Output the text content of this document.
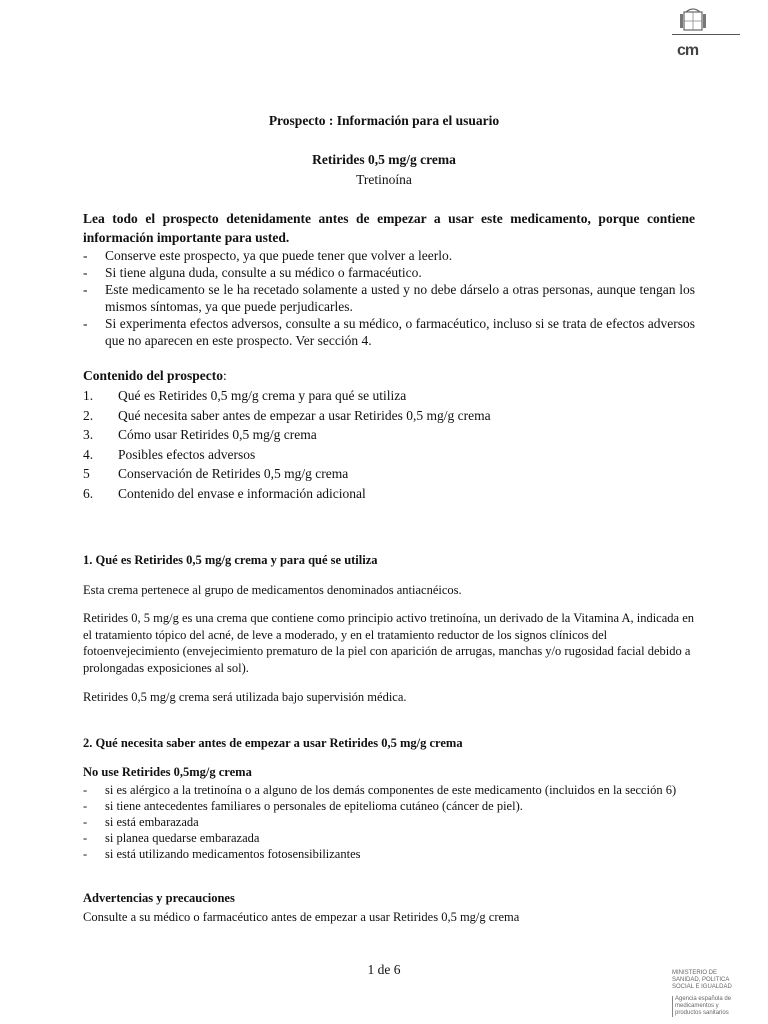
cm
Prospecto : Información para el usuario
Retirides 0,5 mg/g crema
Tretinoína
Lea todo el prospecto detenidamente antes de empezar a usar este medicamento, porque contiene información importante para usted.
- Conserve este prospecto, ya que puede tener que volver a leerlo.
- Si tiene alguna duda, consulte a su médico o farmacéutico.
- Este medicamento se le ha recetado solamente a usted y no debe dárselo a otras personas, aunque tengan los mismos síntomas, ya que puede perjudicarles.
- Si experimenta efectos adversos, consulte a su médico, o farmacéutico, incluso si se trata de efectos adversos que no aparecen en este prospecto. Ver sección 4.
Contenido del prospecto:
1. Qué es Retirides 0,5 mg/g crema y para qué se utiliza
2. Qué necesita saber antes de empezar a usar Retirides 0,5 mg/g crema
3. Cómo usar Retirides 0,5 mg/g crema
4. Posibles efectos adversos
5 Conservación de Retirides 0,5 mg/g crema
6. Contenido del envase e información adicional
1. Qué es Retirides 0,5 mg/g crema y para qué se utiliza
Esta crema pertenece al grupo de medicamentos denominados antiacnéicos.
Retirides 0, 5 mg/g es una crema que contiene como principio activo tretinoína, un derivado de la Vitamina A, indicada en el tratamiento tópico del acné, de leve a moderado, y en el tratamiento reductor de los signos clínicos del fotoenvejecimiento (envejecimiento prematuro de la piel con aparición de arrugas, manchas y/o rugosidad facial debido a prolongadas exposiciones al sol).
Retirides 0,5 mg/g crema será utilizada bajo supervisión médica.
2. Qué necesita saber antes de empezar a usar Retirides 0,5 mg/g crema
No use Retirides 0,5mg/g crema
- si es alérgico a la tretinoína o a alguno de los demás componentes de este medicamento (incluidos en la sección 6)
- si tiene antecedentes familiares o personales de epitelioma cutáneo (cáncer de piel).
- si está embarazada
- si planea quedarse embarazada
- si está utilizando medicamentos fotosensibilizantes
Advertencias y precauciones
Consulte a su médico o farmacéutico antes de empezar a usar Retirides 0,5 mg/g crema
1 de 6	MINISTERIO DE SANIDAD, POLITICA SOCIAL E IGUALDAD
Agencia española de medicamentos y productos sanitarios
